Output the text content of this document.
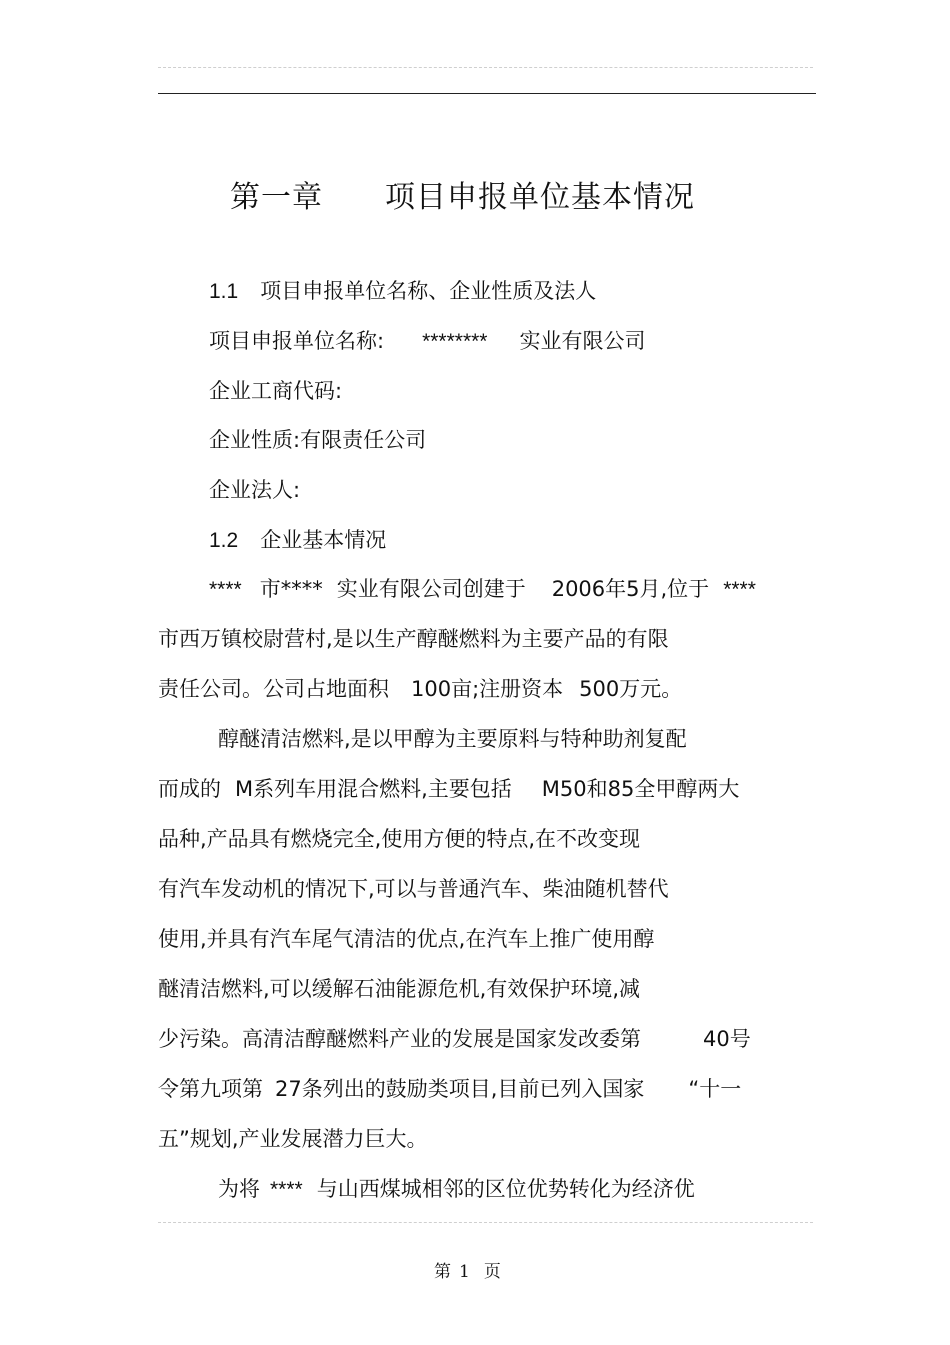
第一章 项目申报单位基本情况
1.1 项目申报单位名称、企业性质及法人
项目申报单位名称: ******** 实业有限公司
企业工商代码:
企业性质:有限责任公司
企业法人:
1.2 企业基本情况
**** 市**** 实业有限公司创建于 2006年5月,位于 ****
市西万镇校尉营村,是以生产醇醚燃料为主要产品的有限
责任公司。公司占地面积 100亩;注册资本 500万元。
醇醚清洁燃料,是以甲醇为主要原料与特种助剂复配
而成的 M系列车用混合燃料,主要包括 M50和85全甲醇两大
品种,产品具有燃烧完全,使用方便的特点,在不改变现
有汽车发动机的情况下,可以与普通汽车、柴油随机替代
使用,并具有汽车尾气清洁的优点,在汽车上推广使用醇
醚清洁燃料,可以缓解石油能源危机,有效保护环境,减
少污染。高清洁醇醚燃料产业的发展是国家发改委第	40号
令第九项第 27条列出的鼓励类项目,目前已列入国家 “十一
五”规划,产业发展潜力巨大。
为将 **** 与山西煤城相邻的区位优势转化为经济优
第 1 页
